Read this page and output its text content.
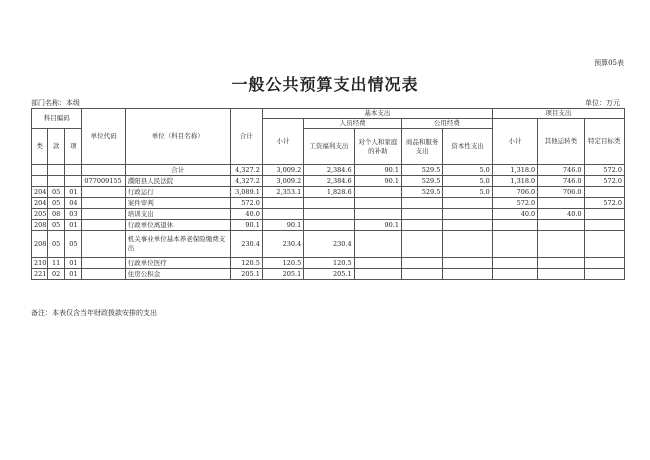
预算05表
一般公共预算支出情况表
部门名称：本级	单位：万元
科目编码			单位代码	单位（科目名称）	合计	基本支出					项目支出		
						小计	人员经费		公用经费		小计	其他运转类	特定目标类
类	款	项					工资福利支出	对个人和家庭的补助	商品和服务支出	资本性支出			

				合计	4,327.2	3,009.2	2,384.6	90.1	529.5	5.0	1,318.0	746.0	572.0
			077009155	濮阳县人民法院	4,327.2	3,009.2	2,384.6	90.1	529.5	5.0	1,318.0	746.0	572.0
204	05	01		行政运行	3,089.1	2,353.1	1,828.6		529.5	5.0	706.0	706.0	
204	05	04		案件审判	572.0						572.0		572.0
205	08	03		培训支出	40.0						40.0	40.0	
208	05	01		行政单位离退休	90.1	90.1		90.1					
208	05	05		机关事业单位基本养老保险缴费支出	230.4	230.4	230.4						
210	11	01		行政单位医疗	120.5	120.5	120.5						
221	02	01		住房公积金	205.1	205.1	205.1						
备注：本表仅含当年财政拨款安排的支出
